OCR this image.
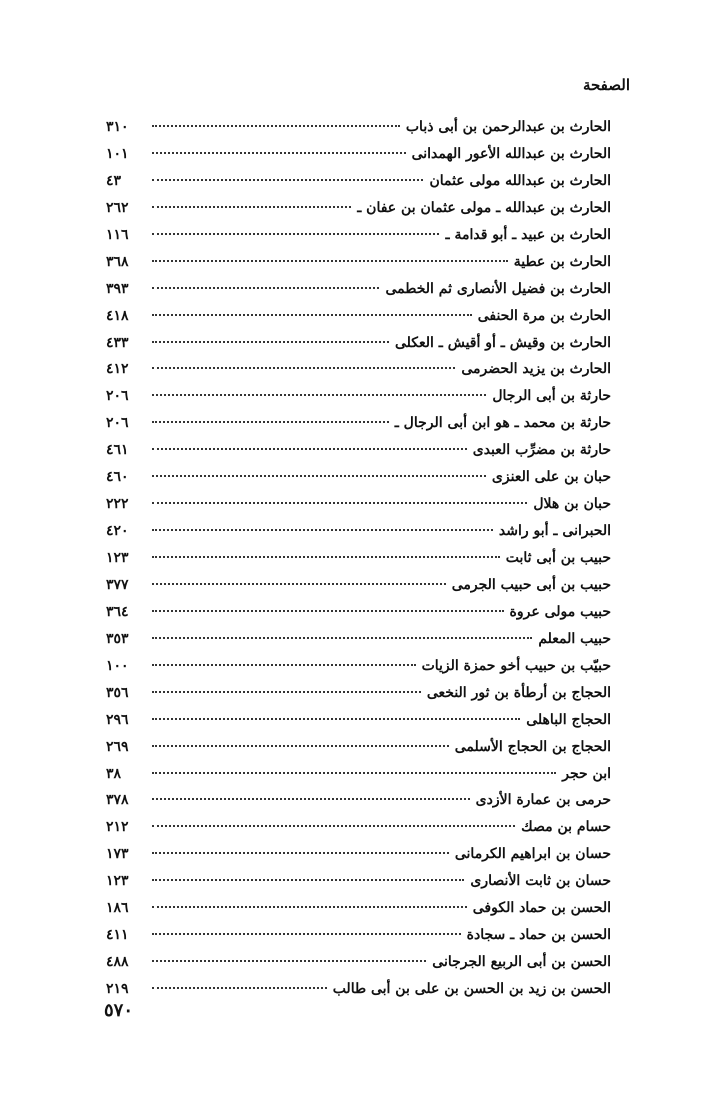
الصفحة
الحارث بن عبدالرحمن بن أبى ذباب
٣١٠
الحارث بن عبدالله الأعور الهمدانى
١٠١
الحارث بن عبدالله مولى عثمان
٤٣
الحارث بن عبدالله ـ مولى عثمان بن عفان ـ
٢٦٢
الحارث بن عبيد ـ أبو قدامة ـ
١١٦
الحارث بن عطية
٣٦٨
الحارث بن فضيل الأنصارى ثم الخطمى
٣٩٣
الحارث بن مرة الحنفى
٤١٨
الحارث بن وقيش ـ أو أقيش ـ العكلى
٤٣٣
الحارث بن يزيد الحضرمى
٤١٢
حارثة بن أبى الرجال
٢٠٦
حارثة بن محمد ـ هو ابن أبى الرجال ـ
٢٠٦
حارثة بن مضرِّب العبدى
٤٦١
حبان بن على العنزى
٤٦٠
حبان بن هلال
٢٢٢
الحبرانى ـ أبو راشد
٤٢٠
حبيب بن أبى ثابت
١٢٣
حبيب بن أبى حبيب الجرمى
٣٧٧
حبيب مولى عروة
٣٦٤
حبيب المعلم
٣٥٣
حبيّب بن حبيب أخو حمزة الزيات
١٠٠
الحجاج بن أرطأة بن ثور النخعى
٣٥٦
الحجاج الباهلى
٢٩٦
الحجاج بن الحجاج الأسلمى
٢٦٩
ابن حجر
٣٨
حرمى بن عمارة الأزدى
٣٧٨
حسام بن مصك
٢١٢
حسان بن ابراهيم الكرمانى
١٧٣
حسان بن ثابت الأنصارى
١٢٣
الحسن بن حماد الكوفى
١٨٦
الحسن بن حماد ـ سجادة
٤١١
الحسن بن أبى الربيع الجرجانى
٤٨٨
الحسن بن زيد بن الحسن بن على بن أبى طالب
٢١٩
٥٧٠
